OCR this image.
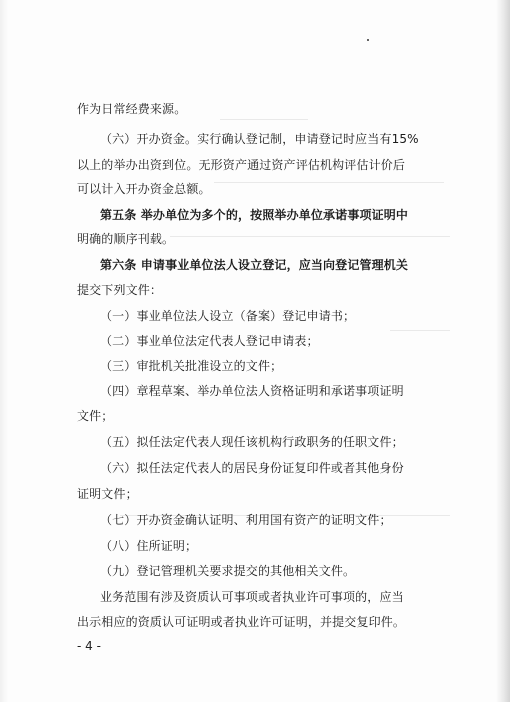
作为日常经费来源。
（六）开办资金。实行确认登记制，申请登记时应当有15%
以上的举办出资到位。无形资产通过资产评估机构评估计价后
可以计入开办资金总额。
第五条 举办单位为多个的，按照举办单位承诺事项证明中
明确的顺序刊载。
第六条 申请事业单位法人设立登记，应当向登记管理机关
提交下列文件：
（一）事业单位法人设立（备案）登记申请书；
（二）事业单位法定代表人登记申请表；
（三）审批机关批准设立的文件；
（四）章程草案、举办单位法人资格证明和承诺事项证明
文件；
（五）拟任法定代表人现任该机构行政职务的任职文件；
（六）拟任法定代表人的居民身份证复印件或者其他身份
证明文件；
（七）开办资金确认证明、利用国有资产的证明文件；
（八）住所证明；
（九）登记管理机关要求提交的其他相关文件。
业务范围有涉及资质认可事项或者执业许可事项的，应当
出示相应的资质认可证明或者执业许可证明，并提交复印件。
- 4 -
